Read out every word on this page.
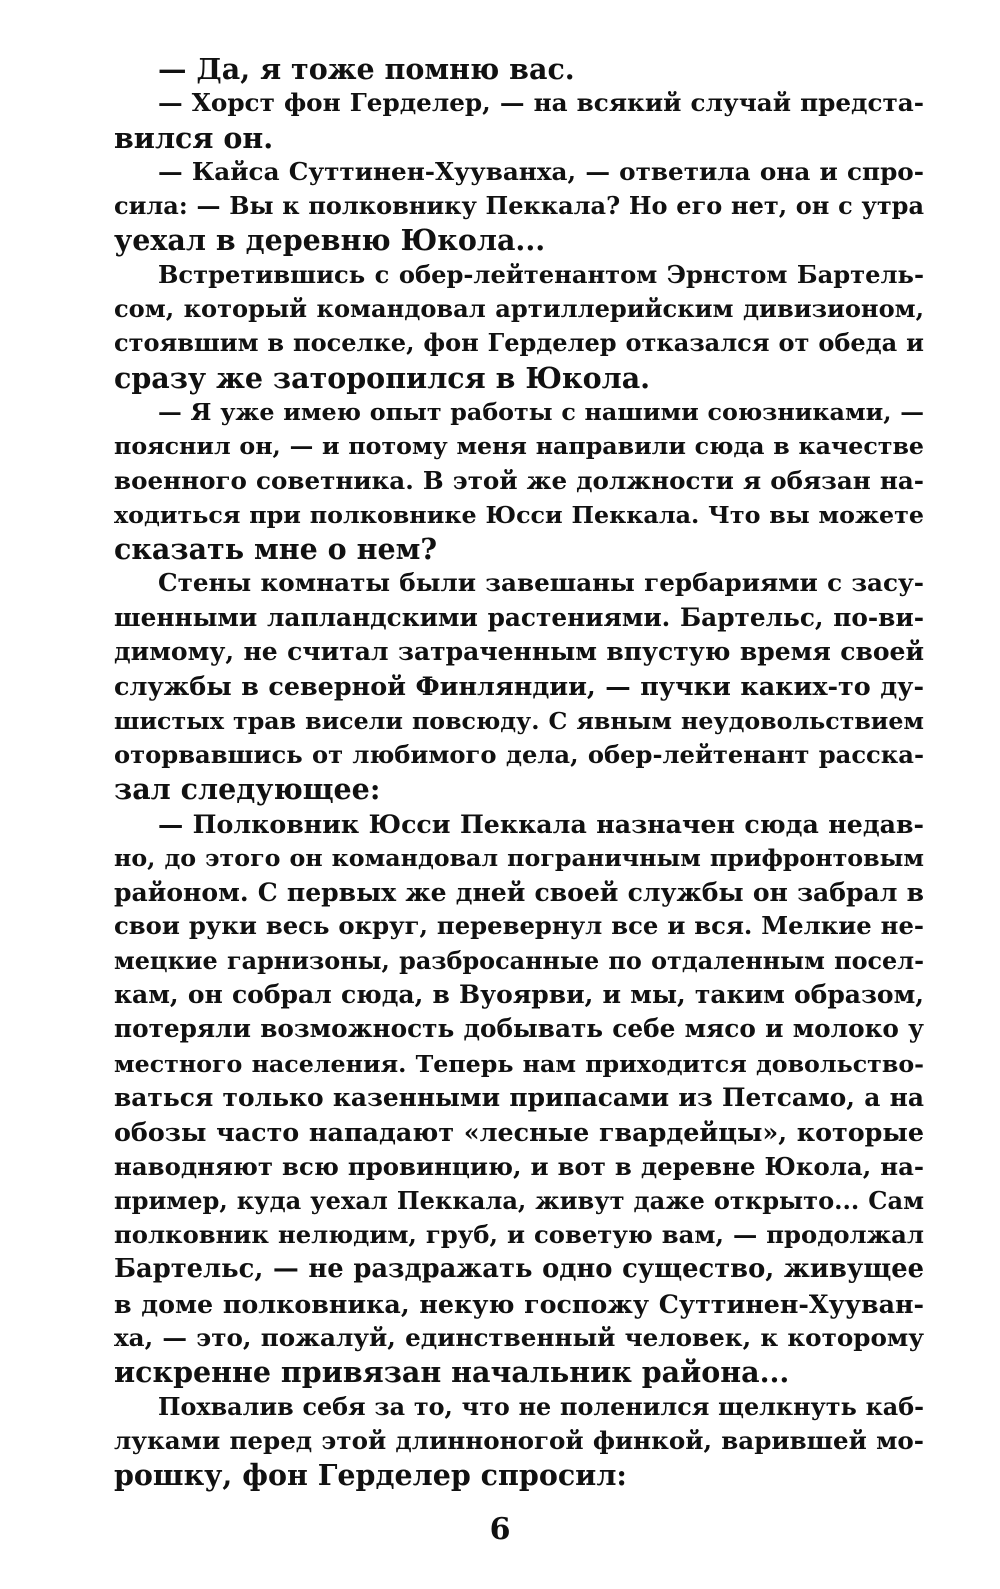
— Да, я тоже помню вас.
— Хорст фон Герделер, — на всякий случай предста-
вился он.
— Кайса Суттинен-Хууванха, — ответила она и спро-
сила: — Вы к полковнику Пеккала? Но его нет, он с утра
уехал в деревню Юкола...
Встретившись с обер-лейтенантом Эрнстом Бартель-
сом, который командовал артиллерийским дивизионом,
стоявшим в поселке, фон Герделер отказался от обеда и
сразу же заторопился в Юкола.
— Я уже имею опыт работы с нашими союзниками, —
пояснил он, — и потому меня направили сюда в качестве
военного советника. В этой же должности я обязан на-
ходиться при полковнике Юсси Пеккала. Что вы можете
сказать мне о нем?
Стены комнаты были завешаны гербариями с засу-
шенными лапландскими растениями. Бартельс, по-ви-
димому, не считал затраченным впустую время своей
службы в северной Финляндии, — пучки каких-то ду-
шистых трав висели повсюду. С явным неудовольствием
оторвавшись от любимого дела, обер-лейтенант расска-
зал следующее:
— Полковник Юсси Пеккала назначен сюда недав-
но, до этого он командовал пограничным прифронтовым
районом. С первых же дней своей службы он забрал в
свои руки весь округ, перевернул все и вся. Мелкие не-
мецкие гарнизоны, разбросанные по отдаленным посел-
кам, он собрал сюда, в Вуоярви, и мы, таким образом,
потеряли возможность добывать себе мясо и молоко у
местного населения. Теперь нам приходится довольство-
ваться только казенными припасами из Петсамо, а на
обозы часто нападают «лесные гвардейцы», которые
наводняют всю провинцию, и вот в деревне Юкола, на-
пример, куда уехал Пеккала, живут даже открыто... Сам
полковник нелюдим, груб, и советую вам, — продолжал
Бартельс, — не раздражать одно существо, живущее
в доме полковника, некую госпожу Суттинен-Хууван-
ха, — это, пожалуй, единственный человек, к которому
искренне привязан начальник района...
Похвалив себя за то, что не поленился щелкнуть каб-
луками перед этой длинноногой финкой, варившей мо-
рошку, фон Герделер спросил:
6
